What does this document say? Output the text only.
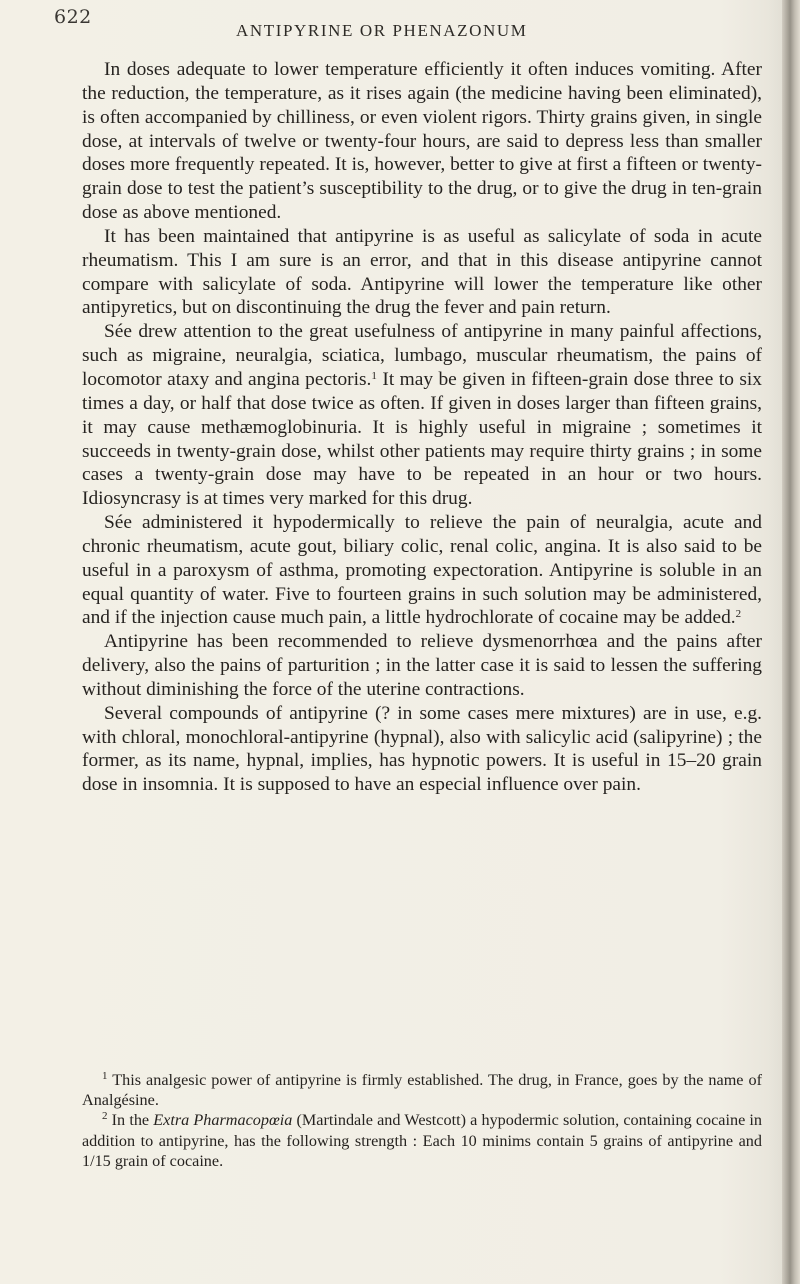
622
ANTIPYRINE OR PHENAZONUM

In doses adequate to lower temperature efficiently it often induces vomiting. After the reduction, the temperature, as it rises again (the medicine having been eliminated), is often accompanied by chilliness, or even violent rigors. Thirty grains given, in single dose, at intervals of twelve or twenty-four hours, are said to depress less than smaller doses more frequently repeated. It is, however, better to give at first a fifteen or twenty-grain dose to test the patient’s susceptibility to the drug, or to give the drug in ten-grain dose as above mentioned.

It has been maintained that antipyrine is as useful as salicylate of soda in acute rheumatism. This I am sure is an error, and that in this disease antipyrine cannot compare with salicylate of soda. Antipyrine will lower the temperature like other antipyretics, but on discontinuing the drug the fever and pain return.

Sée drew attention to the great usefulness of antipyrine in many painful affections, such as migraine, neuralgia, sciatica, lumbago, muscular rheumatism, the pains of locomotor ataxy and angina pectoris.$^1$ It may be given in fifteen-grain dose three to six times a day, or half that dose twice as often. If given in doses larger than fifteen grains, it may cause methæmoglobinuria. It is highly useful in migraine ; sometimes it succeeds in twenty-grain dose, whilst other patients may require thirty grains ; in some cases a twenty-grain dose may have to be repeated in an hour or two hours. Idiosyncrasy is at times very marked for this drug.

Sée administered it hypodermically to relieve the pain of neuralgia, acute and chronic rheumatism, acute gout, biliary colic, renal colic, angina. It is also said to be useful in a paroxysm of asthma, promoting expectoration. Antipyrine is soluble in an equal quantity of water. Five to fourteen grains in such solution may be administered, and if the injection cause much pain, a little hydrochlorate of cocaine may be added.$^2$

Antipyrine has been recommended to relieve dysmenorrhœa and the pains after delivery, also the pains of parturition ; in the latter case it is said to lessen the suffering without diminishing the force of the uterine contractions.

Several compounds of antipyrine (? in some cases mere mixtures) are in use, e.g. with chloral, monochloral-antipyrine (hypnal), also with salicylic acid (salipyrine) ; the former, as its name, hypnal, implies, has hypnotic powers. It is useful in 15–20 grain dose in insomnia. It is supposed to have an especial influence over pain.

$^1$ This analgesic power of antipyrine is firmly established. The drug, in France, goes by the name of Analgésine.

$^2$ In the Extra Pharmacopœia (Martindale and Westcott) a hypodermic solution, containing cocaine in addition to antipyrine, has the following strength : Each 10 minims contain 5 grains of antipyrine and 1/15 grain of cocaine.
